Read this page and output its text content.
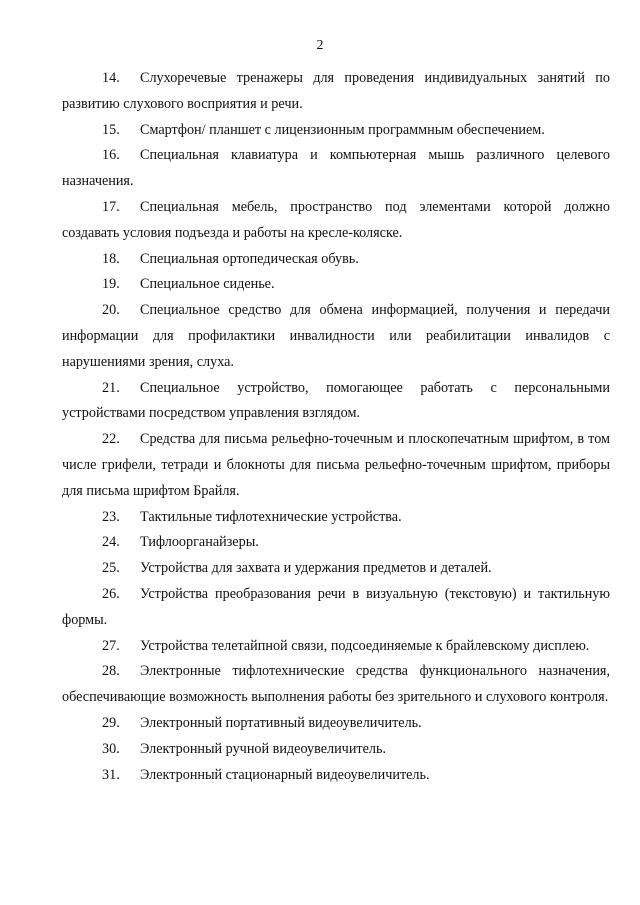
2

14. Слухоречевые тренажеры для проведения индивидуальных занятий по развитию слухового восприятия и речи.

15. Смартфон/ планшет с лицензионным программным обеспечением.

16. Специальная клавиатура и компьютерная мышь различного целевого назначения.

17. Специальная мебель, пространство под элементами которой должно создавать условия подъезда и работы на кресле-коляске.

18. Специальная ортопедическая обувь.

19. Специальное сиденье.

20. Специальное средство для обмена информацией, получения и передачи информации для профилактики инвалидности или реабилитации инвалидов с нарушениями зрения, слуха.

21. Специальное устройство, помогающее работать с персональными устройствами посредством управления взглядом.

22. Средства для письма рельефно-точечным и плоскопечатным шрифтом, в том числе грифели, тетради и блокноты для письма рельефно-точечным шрифтом, приборы для письма шрифтом Брайля.

23. Тактильные тифлотехнические устройства.

24. Тифлоорганайзеры.

25. Устройства для захвата и удержания предметов и деталей.

26. Устройства преобразования речи в визуальную (текстовую) и тактильную формы.

27. Устройства телетайпной связи, подсоединяемые к брайлевскому дисплею.

28. Электронные тифлотехнические средства функционального назначения, обеспечивающие возможность выполнения работы без зрительного и слухового контроля.

29. Электронный портативный видеоувеличитель.

30. Электронный ручной видеоувеличитель.

31. Электронный стационарный видеоувеличитель.
